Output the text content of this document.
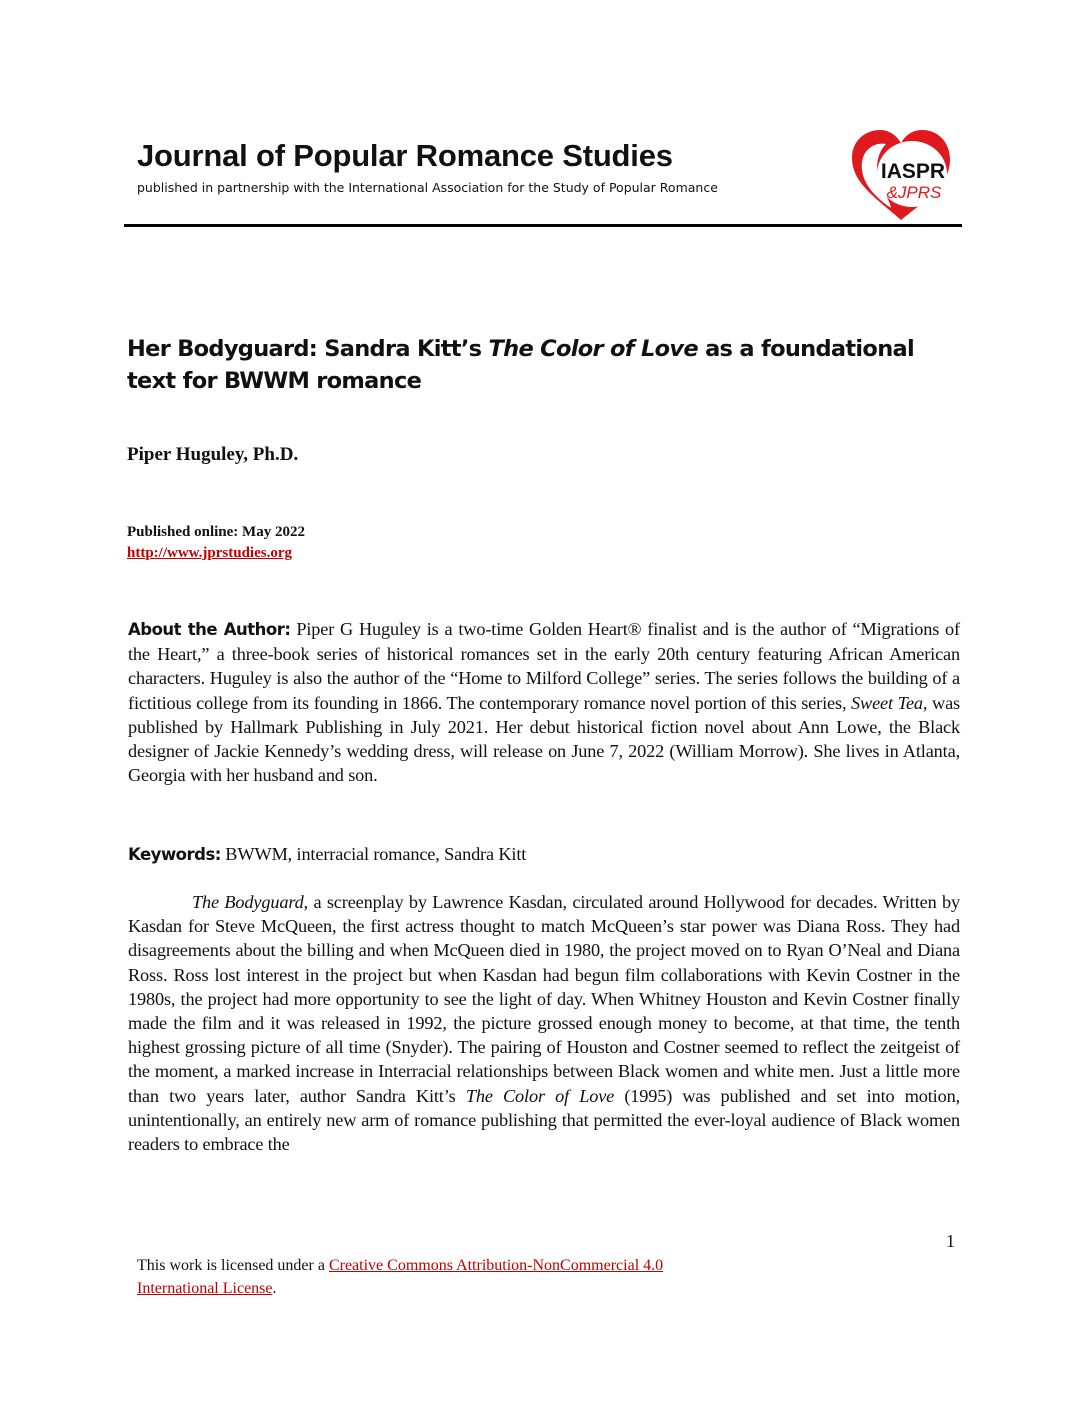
Journal of Popular Romance Studies
published in partnership with the International Association for the Study of Popular Romance
IASPR
&JPRS
Her Bodyguard: Sandra Kitt’s The Color of Love as a foundational text for BWWM romance
Piper Huguley, Ph.D.
Published online: May 2022
http://www.jprstudies.org
About the Author: Piper G Huguley is a two-time Golden Heart® finalist and is the author of “Migrations of the Heart,” a three-book series of historical romances set in the early 20th century featuring African American characters. Huguley is also the author of the “Home to Milford College” series. The series follows the building of a fictitious college from its founding in 1866. The contemporary romance novel portion of this series, Sweet Tea, was published by Hallmark Publishing in July 2021. Her debut historical fiction novel about Ann Lowe, the Black designer of Jackie Kennedy’s wedding dress, will release on June 7, 2022 (William Morrow). She lives in Atlanta, Georgia with her husband and son.
Keywords: BWWM, interracial romance, Sandra Kitt
The Bodyguard, a screenplay by Lawrence Kasdan, circulated around Hollywood for decades. Written by Kasdan for Steve McQueen, the first actress thought to match McQueen’s star power was Diana Ross. They had disagreements about the billing and when McQueen died in 1980, the project moved on to Ryan O’Neal and Diana Ross. Ross lost interest in the project but when Kasdan had begun film collaborations with Kevin Costner in the 1980s, the project had more opportunity to see the light of day. When Whitney Houston and Kevin Costner finally made the film and it was released in 1992, the picture grossed enough money to become, at that time, the tenth highest grossing picture of all time (Snyder). The pairing of Houston and Costner seemed to reflect the zeitgeist of the moment, a marked increase in Interracial relationships between Black women and white men. Just a little more than two years later, author Sandra Kitt’s The Color of Love (1995) was published and set into motion, unintentionally, an entirely new arm of romance publishing that permitted the ever-loyal audience of Black women readers to embrace the
1
This work is licensed under a Creative Commons Attribution-NonCommercial 4.0
International License.
